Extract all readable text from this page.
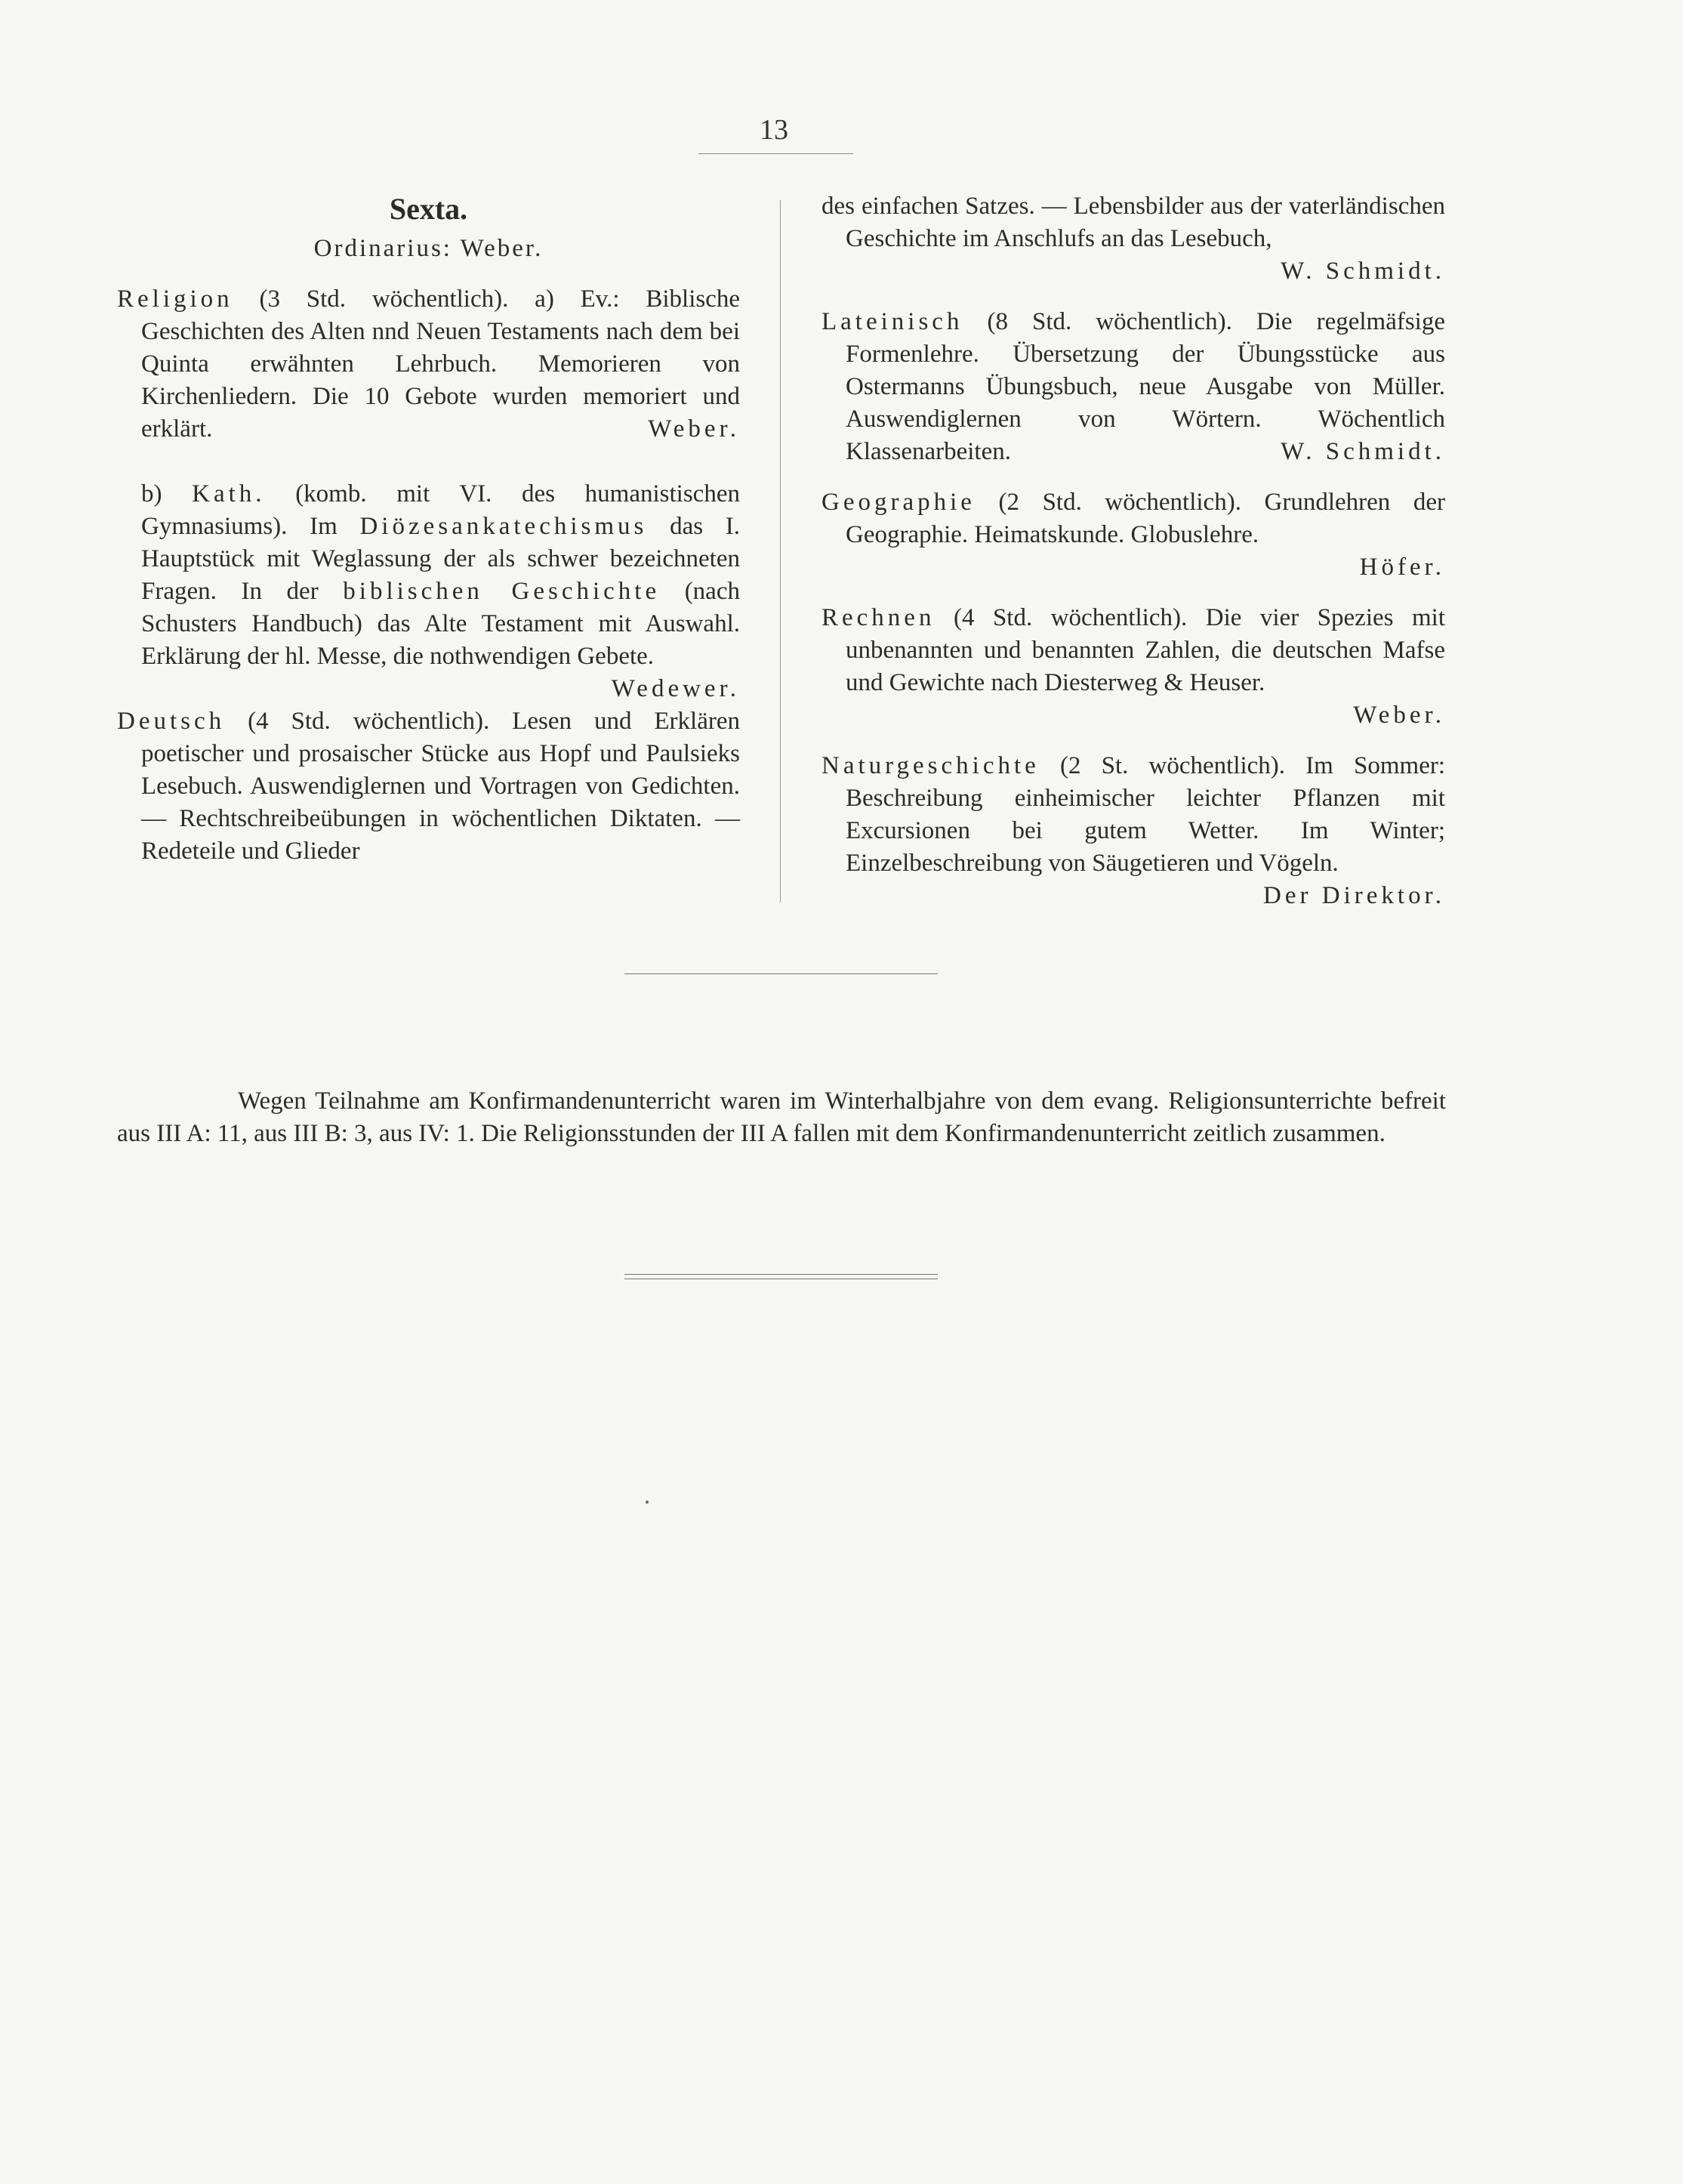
13
Sexta.
Ordinarius: Weber.

Religion (3 Std. wöchentlich). a) Ev.: Biblische Geschichten des Alten nnd Neuen Testaments nach dem bei Quinta erwähnten Lehrbuch. Memorieren von Kirchenliedern. Die 10 Gebote wurden memoriert und erklärt.	Weber.

b) Kath. (komb. mit VI. des humanistischen Gymnasiums). Im Diözesankatechismus das I. Hauptstück mit Weglassung der als schwer bezeichneten Fragen. In der biblischen Geschichte (nach Schusters Handbuch) das Alte Testament mit Auswahl. Erklärung der hl. Messe, die nothwendigen Gebete.
Wedewer.

Deutsch (4 Std. wöchentlich). Lesen und Erklären poetischer und prosaischer Stücke aus Hopf und Paulsieks Lesebuch. Auswendiglernen und Vortragen von Gedichten. — Rechtschreibeübungen in wöchentlichen Diktaten. — Redeteile und Glieder

des einfachen Satzes. — Lebensbilder aus der vaterländischen Geschichte im Anschlufs an das Lesebuch,
W. Schmidt.

Lateinisch (8 Std. wöchentlich). Die regelmäfsige Formenlehre. Übersetzung der Übungsstücke aus Ostermanns Übungsbuch, neue Ausgabe von Müller. Auswendiglernen von Wörtern. Wöchentlich Klassenarbeiten.	W. Schmidt.

Geographie (2 Std. wöchentlich). Grundlehren der Geographie. Heimatskunde. Globuslehre.
Höfer.

Rechnen (4 Std. wöchentlich). Die vier Spezies mit unbenannten und benannten Zahlen, die deutschen Mafse und Gewichte nach Diesterweg & Heuser.
Weber.

Naturgeschichte (2 St. wöchentlich). Im Sommer: Beschreibung einheimischer leichter Pflanzen mit Excursionen bei gutem Wetter. Im Winter; Einzelbeschreibung von Säugetieren und Vögeln.
Der Direktor.

Wegen Teilnahme am Konfirmandenunterricht waren im Winterhalbjahre von dem evang. Religionsunterrichte befreit aus III A: 11, aus III B: 3, aus IV: 1. Die Religionsstunden der III A fallen mit dem Konfirmandenunterricht zeitlich zusammen.
